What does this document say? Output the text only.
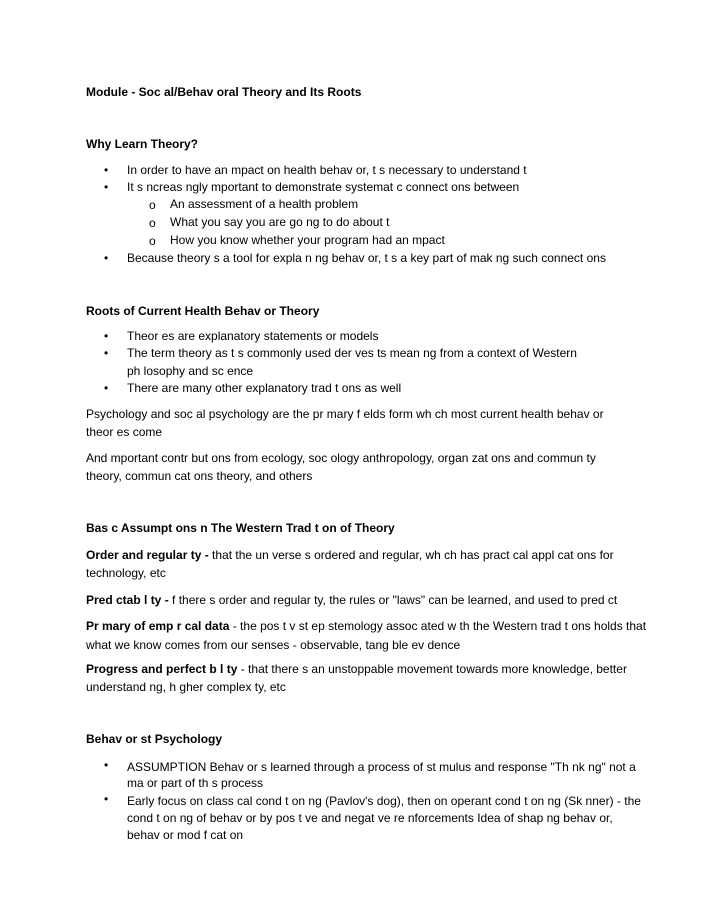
Module - Soc al/Behav oral Theory and Its Roots
Why Learn Theory?
• In order to have an mpact on health behav or, t s necessary to understand t
• It s ncreas ngly mportant to demonstrate systemat c connect ons between
o An assessment of a health problem
o What you say you are go ng to do about t
o How you know whether your program had an mpact
• Because theory s a tool for expla n ng behav or, t s a key part of mak ng such connect ons
Roots of Current Health Behav or Theory
• Theor es are explanatory statements or models
• The term theory as t s commonly used der ves ts mean ng from a context of Western
ph losophy and sc ence
• There are many other explanatory trad t ons as well
Psychology and soc al psychology are the pr mary f elds form wh ch most current health behav or
theor es come
And mportant contr but ons from ecology, soc ology anthropology, organ zat ons and commun ty
theory, commun cat ons theory, and others
Bas c Assumpt ons n The Western Trad t on of Theory
Order and regular ty - that the un verse s ordered and regular, wh ch has pract cal appl cat ons for
technology, etc
Pred ctab l ty - f there s order and regular ty, the rules or "laws" can be learned, and used to pred ct
Pr mary of emp r cal data - the pos t v st ep stemology assoc ated w th the Western trad t ons holds that
what we know comes from our senses - observable, tang ble ev dence
Progress and perfect b l ty - that there s an unstoppable movement towards more knowledge, better
understand ng, h gher complex ty, etc
Behav or st Psychology
• ASSUMPTION Behav or s learned through a process of st mulus and response "Th nk ng" not a
ma or part of th s process
• Early focus on class cal cond t on ng (Pavlov's dog), then on operant cond t on ng (Sk nner) - the
cond t on ng of behav or by pos t ve and negat ve re nforcements Idea of shap ng behav or,
behav or mod f cat on
